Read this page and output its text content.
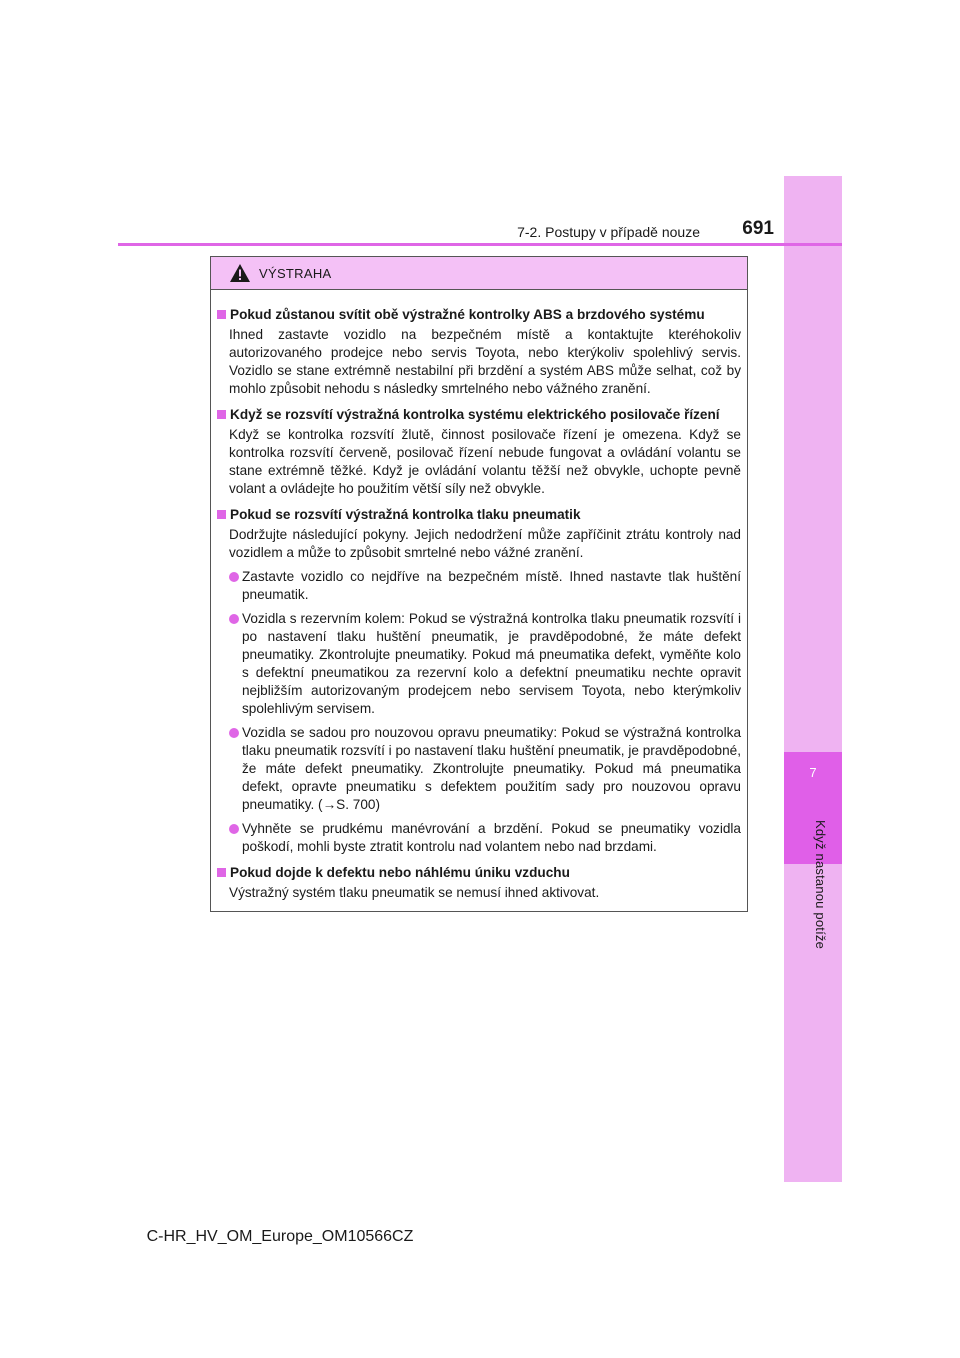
7
Když nastanou potíže
7-2. Postupy v případě nouze	691
VÝSTRAHA
Pokud zůstanou svítit obě výstražné kontrolky ABS a brzdového systému
Ihned zastavte vozidlo na bezpečném místě a kontaktujte kteréhokoliv autorizovaného prodejce nebo servis Toyota, nebo kterýkoliv spolehlivý servis. Vozidlo se stane extrémně nestabilní při brzdění a systém ABS může selhat, což by mohlo způsobit nehodu s následky smrtelného nebo vážného zranění.
Když se rozsvítí výstražná kontrolka systému elektrického posilovače řízení
Když se kontrolka rozsvítí žlutě, činnost posilovače řízení je omezena. Když se kontrolka rozsvítí červeně, posilovač řízení nebude fungovat a ovládání volantu se stane extrémně těžké. Když je ovládání volantu těžší než obvykle, uchopte pevně volant a ovládejte ho použitím větší síly než obvykle.
Pokud se rozsvítí výstražná kontrolka tlaku pneumatik
Dodržujte následující pokyny. Jejich nedodržení může zapříčinit ztrátu kontroly nad vozidlem a může to způsobit smrtelné nebo vážné zranění.
Zastavte vozidlo co nejdříve na bezpečném místě. Ihned nastavte tlak huštění pneumatik.
Vozidla s rezervním kolem: Pokud se výstražná kontrolka tlaku pneumatik rozsvítí i po nastavení tlaku huštění pneumatik, je pravděpodobné, že máte defekt pneumatiky. Zkontrolujte pneumatiky. Pokud má pneumatika defekt, vyměňte kolo s defektní pneumatikou za rezervní kolo a defektní pneumatiku nechte opravit nejbližším autorizovaným prodejcem nebo servisem Toyota, nebo kterýmkoliv spolehlivým servisem.
Vozidla se sadou pro nouzovou opravu pneumatiky: Pokud se výstražná kontrolka tlaku pneumatik rozsvítí i po nastavení tlaku huštění pneumatik, je pravděpodobné, že máte defekt pneumatiky. Zkontrolujte pneumatiky. Pokud má pneumatika defekt, opravte pneumatiku s defektem použitím sady pro nouzovou opravu pneumatiky. (→S. 700)
Vyhněte se prudkému manévrování a brzdění. Pokud se pneumatiky vozidla poškodí, mohli byste ztratit kontrolu nad volantem nebo nad brzdami.
Pokud dojde k defektu nebo náhlému úniku vzduchu
Výstražný systém tlaku pneumatik se nemusí ihned aktivovat.
C-HR_HV_OM_Europe_OM10566CZ
